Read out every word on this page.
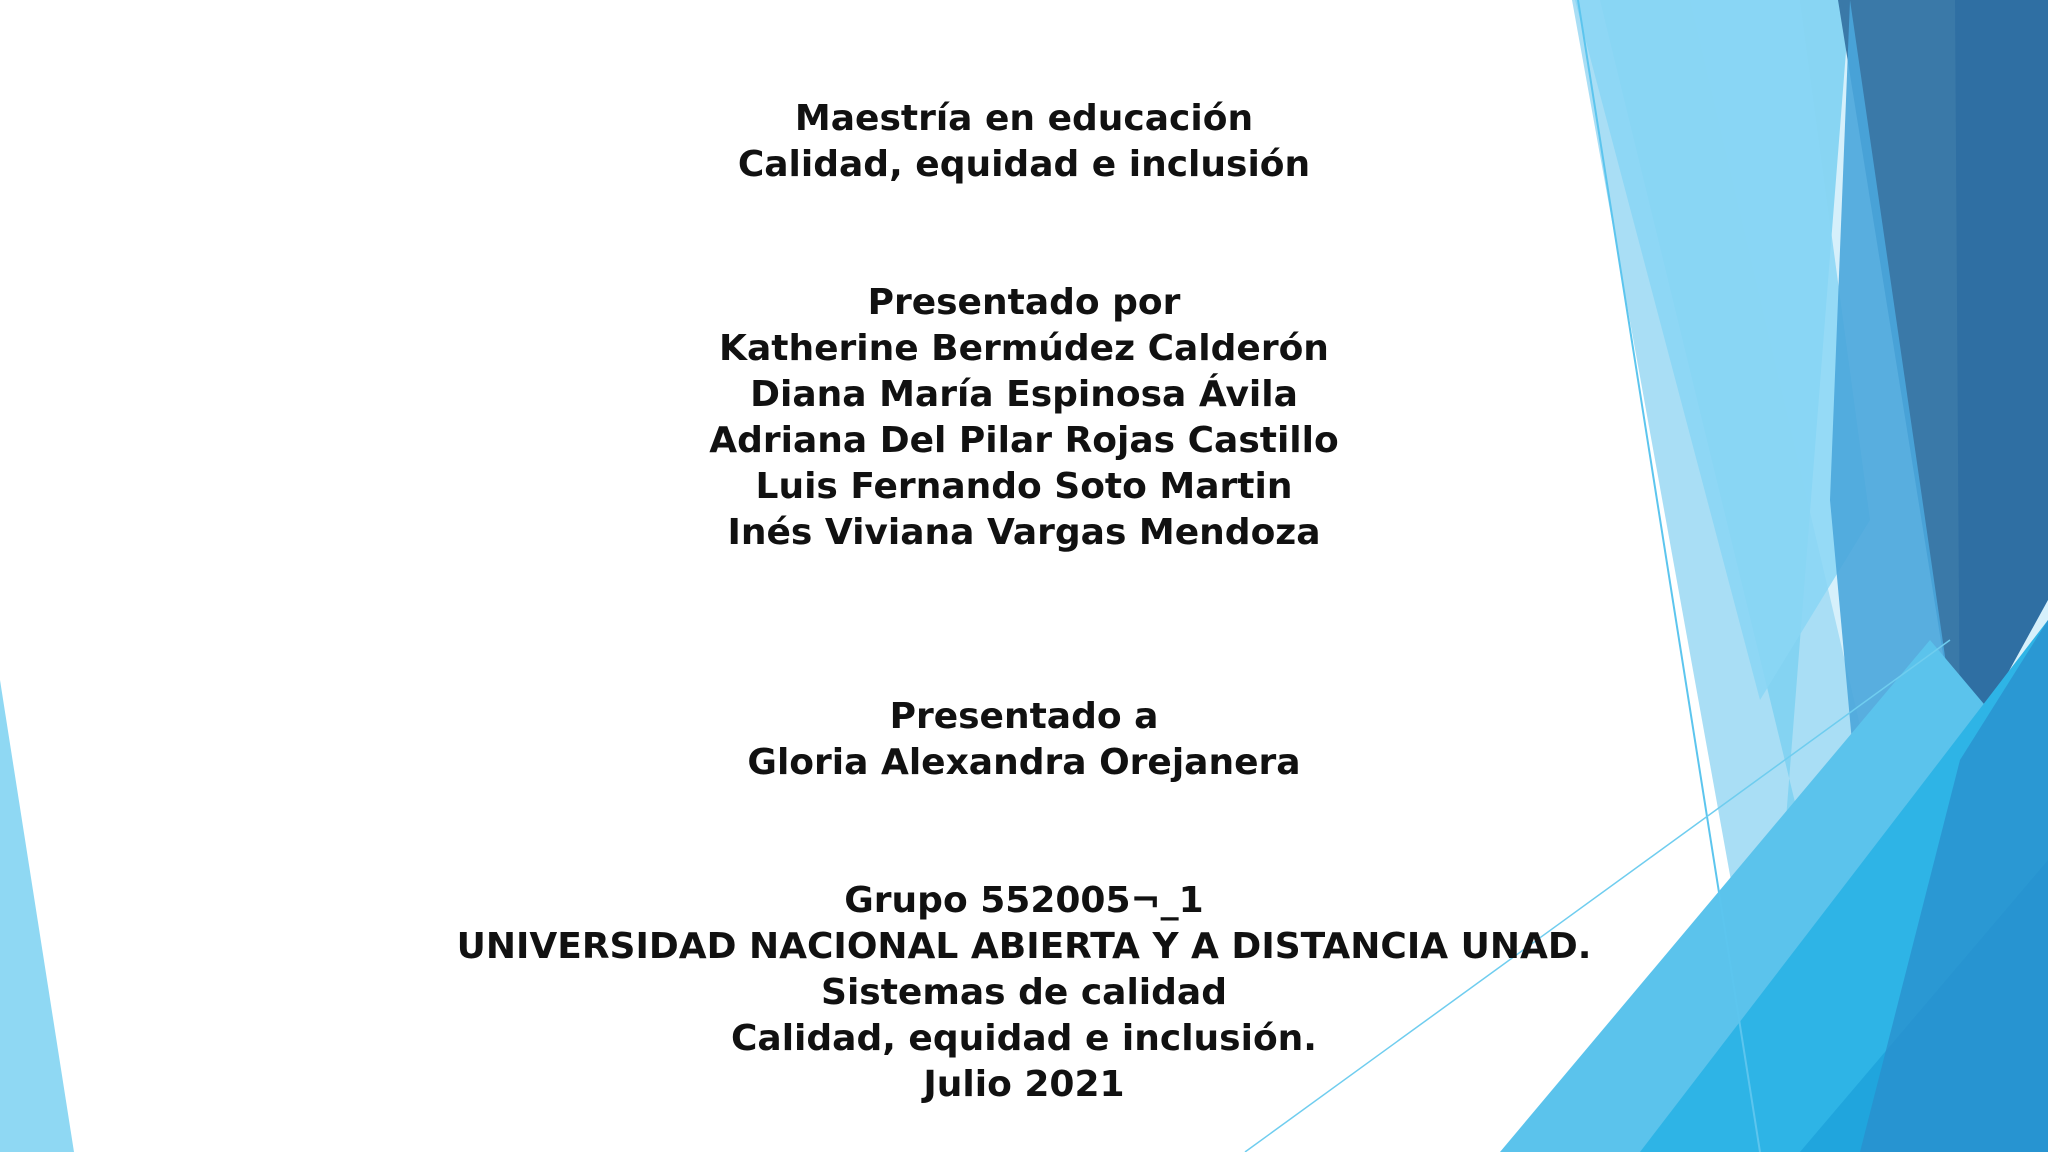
Maestría en educación
Calidad, equidad e inclusión
Presentado por
Katherine Bermúdez Calderón
Diana María Espinosa Ávila
Adriana Del Pilar Rojas Castillo
Luis Fernando Soto Martin
Inés Viviana Vargas Mendoza
Presentado a
Gloria Alexandra Orejanera
Grupo 552005¬_1
UNIVERSIDAD NACIONAL ABIERTA Y A DISTANCIA UNAD.
Sistemas de calidad
Calidad, equidad e inclusión.
Julio 2021
